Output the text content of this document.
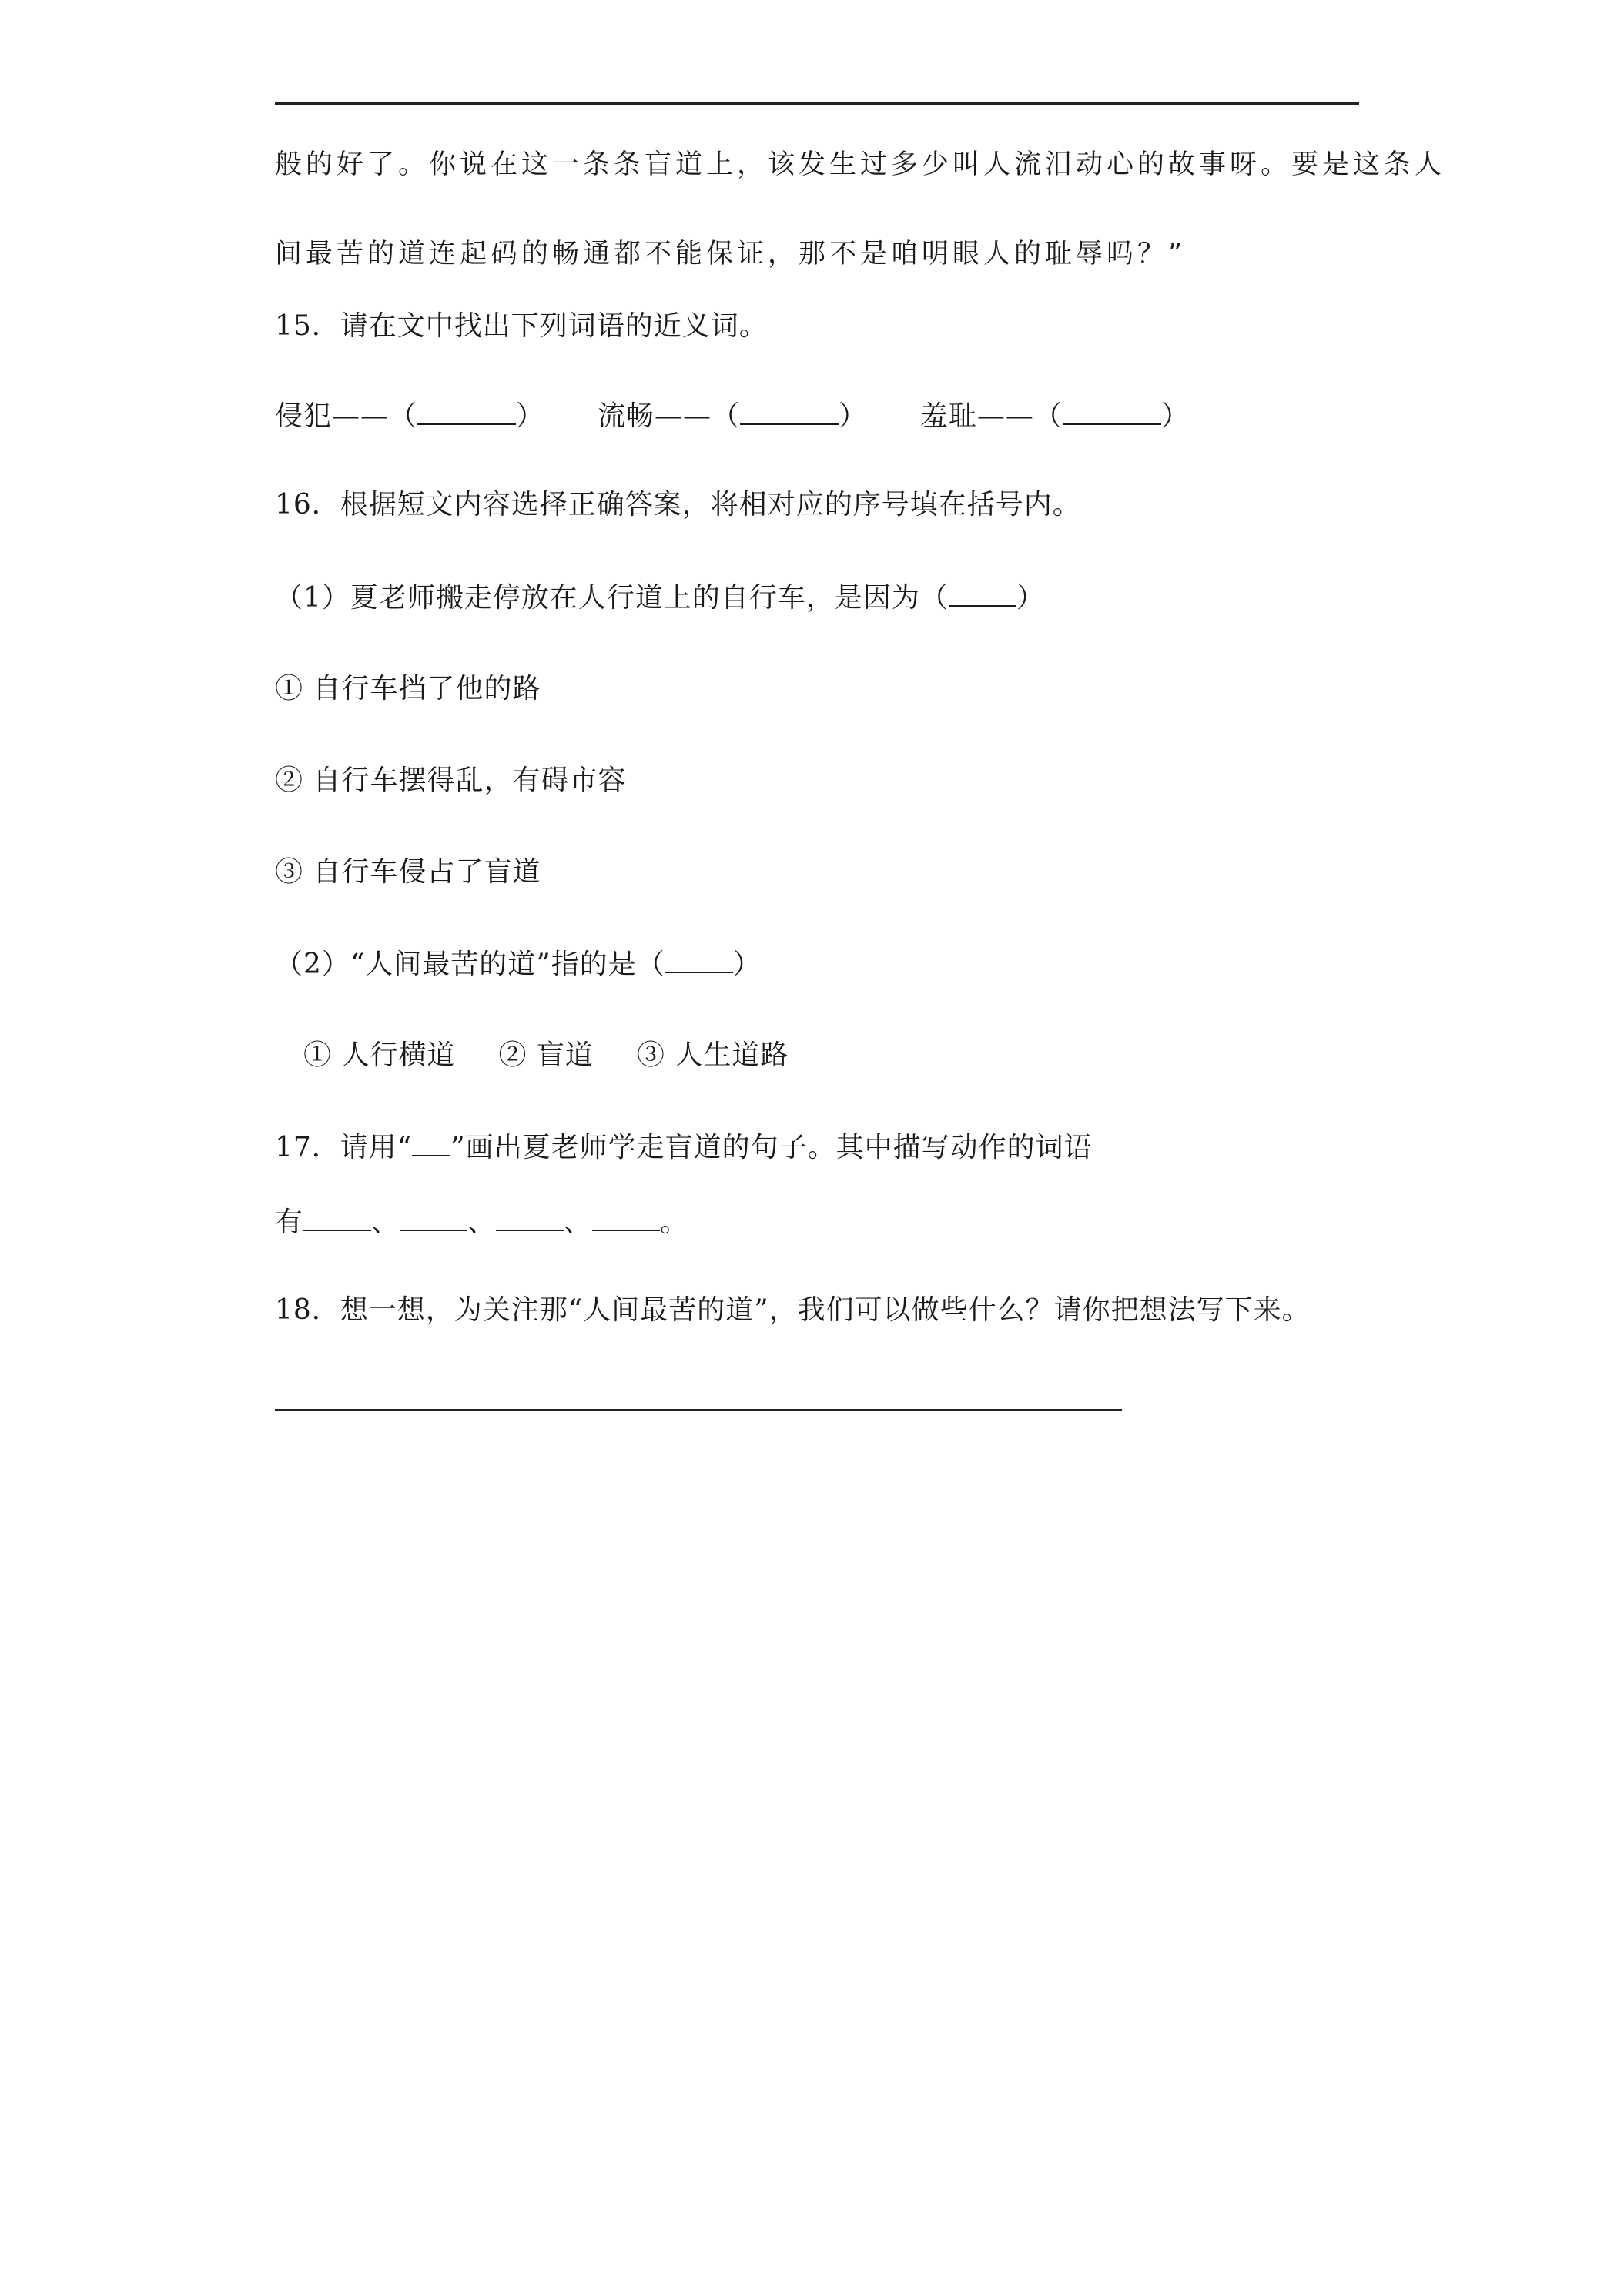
般的好了。你说在这一条条盲道上，该发生过多少叫人流泪动心的故事呀。要是这条人
间最苦的道连起码的畅通都不能保证，那不是咱明眼人的耻辱吗？”
15．请在文中找出下列词语的近义词。
侵犯——（	） 流畅——（	） 羞耻——（	）
16．根据短文内容选择正确答案，将相对应的序号填在括号内。
（1）夏老师搬走停放在人行道上的自行车，是因为（ ）
① 自行车挡了他的路
② 自行车摆得乱，有碍市容
③ 自行车侵占了盲道
（2）“人间最苦的道”指的是（ ）
① 人行横道 ② 盲道 ③ 人生道路
17．请用“ ”画出夏老师学走盲道的句子。其中描写动作的词语
有 、 、 、 。
18．想一想，为关注那“人间最苦的道”，我们可以做些什么？请你把想法写下来。
